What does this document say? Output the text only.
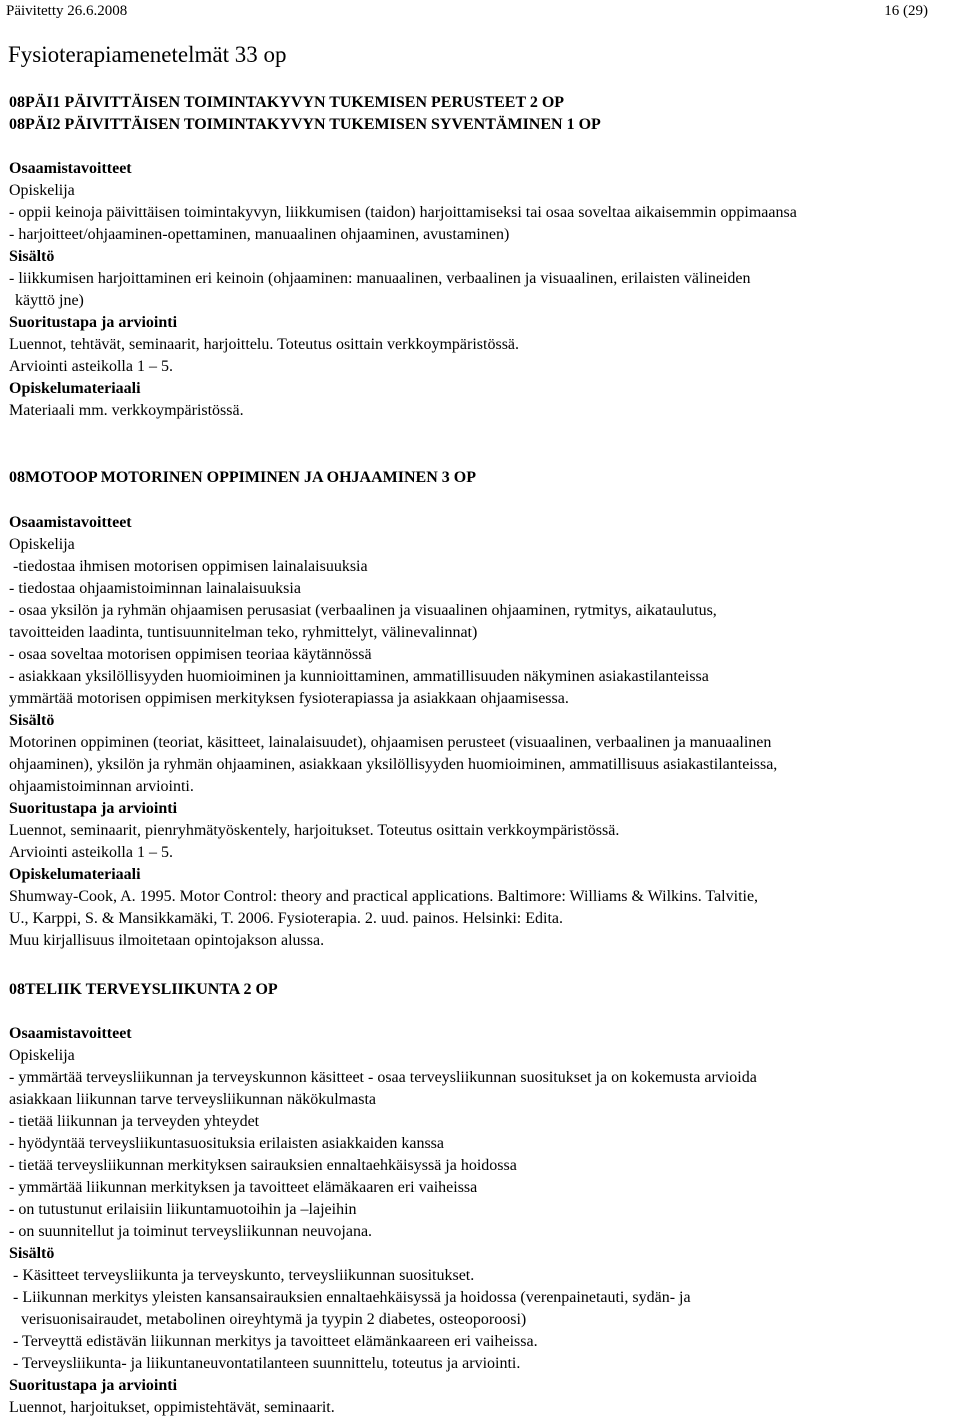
Päivitetty 26.6.2008	16 (29)
Fysioterapiamenetelmät 33 op
08PÄI1 PÄIVITTÄISEN TOIMINTAKYVYN TUKEMISEN PERUSTEET 2 OP
08PÄI2 PÄIVITTÄISEN TOIMINTAKYVYN TUKEMISEN SYVENTÄMINEN 1 OP
Osaamistavoitteet
Opiskelija
- oppii keinoja päivittäisen toimintakyvyn, liikkumisen (taidon) harjoittamiseksi tai osaa soveltaa aikaisemmin oppimaansa
- harjoitteet/ohjaaminen-opettaminen, manuaalinen ohjaaminen, avustaminen)
Sisältö
- liikkumisen harjoittaminen eri keinoin (ohjaaminen: manuaalinen, verbaalinen ja visuaalinen, erilaisten välineiden
käyttö jne)
Suoritustapa ja arviointi
Luennot, tehtävät, seminaarit, harjoittelu. Toteutus osittain verkkoympäristössä.
Arviointi asteikolla 1 – 5.
Opiskelumateriaali
Materiaali mm. verkkoympäristössä.
08MOTOOP MOTORINEN OPPIMINEN JA OHJAAMINEN 3 OP
Osaamistavoitteet
Opiskelija
-tiedostaa ihmisen motorisen oppimisen lainalaisuuksia
- tiedostaa ohjaamistoiminnan lainalaisuuksia
- osaa yksilön ja ryhmän ohjaamisen perusasiat (verbaalinen ja visuaalinen ohjaaminen, rytmitys, aikataulutus,
tavoitteiden laadinta, tuntisuunnitelman teko, ryhmittelyt, välinevalinnat)
- osaa soveltaa motorisen oppimisen teoriaa käytännössä
- asiakkaan yksilöllisyyden huomioiminen ja kunnioittaminen, ammatillisuuden näkyminen asiakastilanteissa
ymmärtää motorisen oppimisen merkityksen fysioterapiassa ja asiakkaan ohjaamisessa.
Sisältö
Motorinen oppiminen (teoriat, käsitteet, lainalaisuudet), ohjaamisen perusteet (visuaalinen, verbaalinen ja manuaalinen
ohjaaminen), yksilön ja ryhmän ohjaaminen, asiakkaan yksilöllisyyden huomioiminen, ammatillisuus asiakastilanteissa,
ohjaamistoiminnan arviointi.
Suoritustapa ja arviointi
Luennot, seminaarit, pienryhmätyöskentely, harjoitukset. Toteutus osittain verkkoympäristössä.
Arviointi asteikolla 1 – 5.
Opiskelumateriaali
Shumway-Cook, A. 1995. Motor Control: theory and practical applications. Baltimore: Williams & Wilkins. Talvitie,
U., Karppi, S. & Mansikkamäki, T. 2006. Fysioterapia. 2. uud. painos. Helsinki: Edita.
Muu kirjallisuus ilmoitetaan opintojakson alussa.
08TELIIK TERVEYSLIIKUNTA 2 OP
Osaamistavoitteet
Opiskelija
- ymmärtää terveysliikunnan ja terveyskunnon käsitteet - osaa terveysliikunnan suositukset ja on kokemusta arvioida
asiakkaan liikunnan tarve terveysliikunnan näkökulmasta
- tietää liikunnan ja terveyden yhteydet
- hyödyntää terveysliikuntasuosituksia erilaisten asiakkaiden kanssa
- tietää terveysliikunnan merkityksen sairauksien ennaltaehkäisyssä ja hoidossa
- ymmärtää liikunnan merkityksen ja tavoitteet elämäkaaren eri vaiheissa
- on tutustunut erilaisiin liikuntamuotoihin ja –lajeihin
- on suunnitellut ja toiminut terveysliikunnan neuvojana.
Sisältö
- Käsitteet terveysliikunta ja terveyskunto, terveysliikunnan suositukset.
- Liikunnan merkitys yleisten kansansairauksien ennaltaehkäisyssä ja hoidossa (verenpainetauti, sydän- ja
verisuonisairaudet, metabolinen oireyhtymä ja tyypin 2 diabetes, osteoporoosi)
- Terveyttä edistävän liikunnan merkitys ja tavoitteet elämänkaareen eri vaiheissa.
- Terveysliikunta- ja liikuntaneuvontatilanteen suunnittelu, toteutus ja arviointi.
Suoritustapa ja arviointi
Luennot, harjoitukset, oppimistehtävät, seminaarit.
